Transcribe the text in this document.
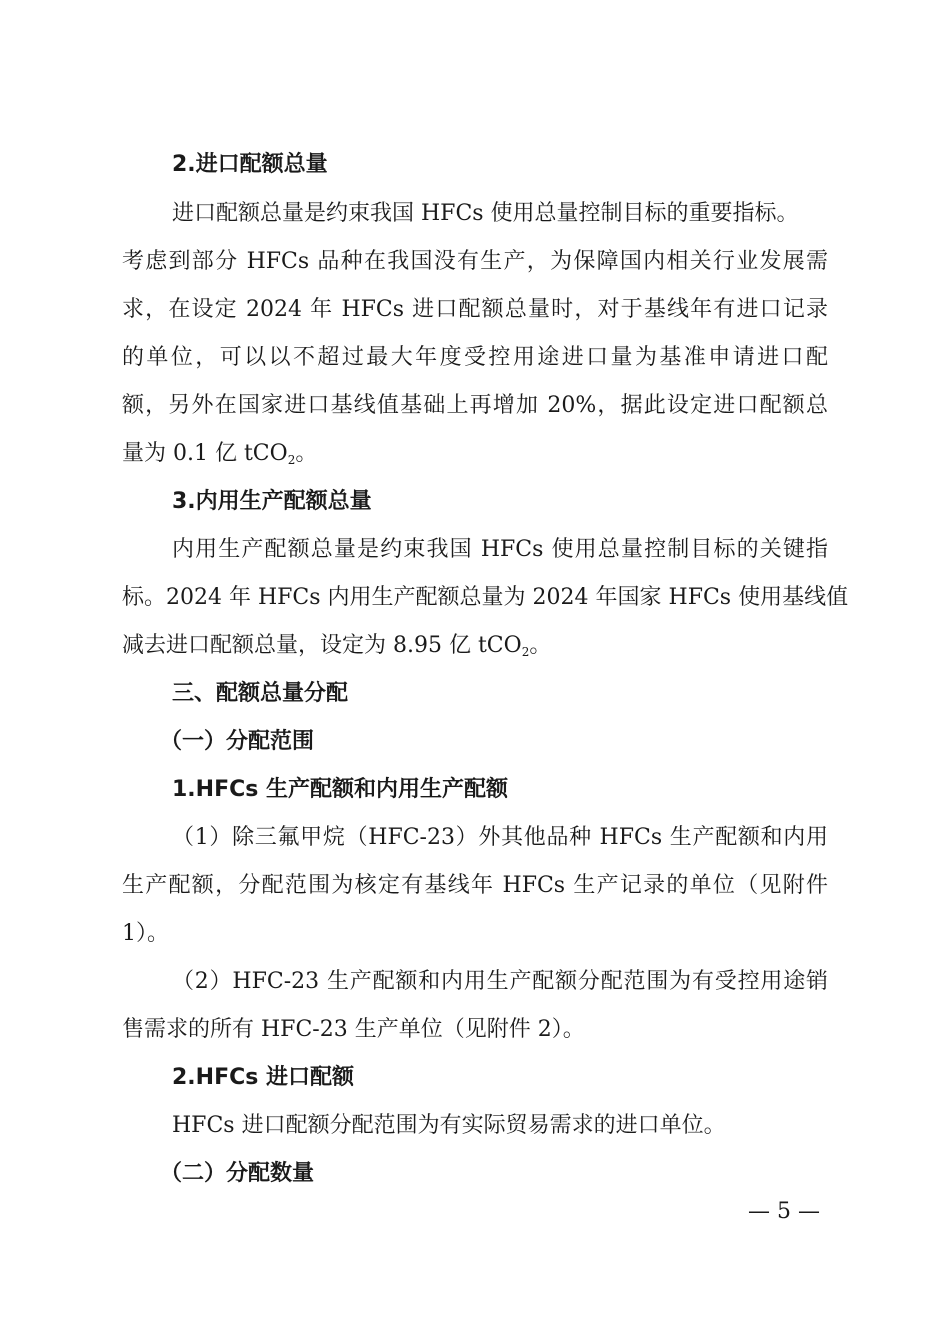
2.进口配额总量
进口配额总量是约束我国 HFCs 使用总量控制目标的重要指标。
考虑到部分 HFCs 品种在我国没有生产，为保障国内相关行业发展需
求，在设定 2024 年 HFCs 进口配额总量时，对于基线年有进口记录
的单位，可以以不超过最大年度受控用途进口量为基准申请进口配
额，另外在国家进口基线值基础上再增加 20%，据此设定进口配额总
量为 0.1 亿 tCO$_2$。
3.内用生产配额总量
内用生产配额总量是约束我国 HFCs 使用总量控制目标的关键指
标。2024 年 HFCs 内用生产配额总量为 2024 年国家 HFCs 使用基线值
减去进口配额总量，设定为 8.95 亿 tCO$_2$。
三、配额总量分配
（一）分配范围
1.HFCs 生产配额和内用生产配额
（1）除三氟甲烷（HFC-23）外其他品种 HFCs 生产配额和内用
生产配额，分配范围为核定有基线年 HFCs 生产记录的单位（见附件
1）。
（2）HFC-23 生产配额和内用生产配额分配范围为有受控用途销
售需求的所有 HFC-23 生产单位（见附件 2）。
2.HFCs 进口配额
HFCs 进口配额分配范围为有实际贸易需求的进口单位。
（二）分配数量
— 5 —
